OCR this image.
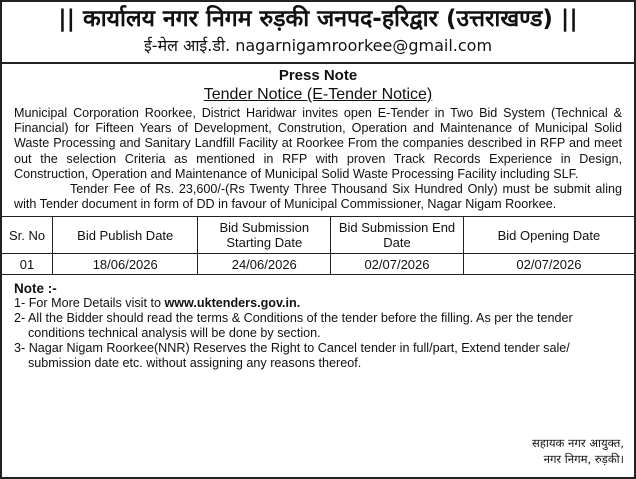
|| कार्यालय नगर निगम रुड़की जनपद-हरिद्वार (उत्तराखण्ड) ||
ई-मेल आई.डी. nagarnigamroorkee@gmail.com
Press Note
Tender Notice (E-Tender Notice)
Municipal Corporation Roorkee, District Haridwar invites open E-Tender in Two Bid System (Technical & Financial) for Fifteen Years of Development, Constrution, Operation and Maintenance of Municipal Solid Waste Processing and Sanitary Landfill Facility at Roorkee From the companies described in RFP and meet out the selection Criteria as mentioned in RFP with proven Track Records Experience in Design, Construction, Operation and Maintenance of Municipal Solid Waste Processing Facility including SLF.
Tender Fee of Rs. 23,600/-(Rs Twenty Three Thousand Six Hundred Only) must be submit aling with Tender document in form of DD in favour of Municipal Commissioner, Nagar Nigam Roorkee.
Sr. No	Bid Publish Date	Bid Submission Starting Date	Bid Submission End Date	Bid Opening Date
01	18/06/2026	24/06/2026	02/07/2026	02/07/2026
Note :-
1- For More Details visit to www.uktenders.gov.in.
2- All the Bidder should read the terms & Conditions of the tender before the filling. As per the tender conditions technical analysis will be done by section.
3- Nagar Nigam Roorkee(NNR) Reserves the Right to Cancel tender in full/part, Extend tender sale/ submission date etc. without assigning any reasons thereof.
सहायक नगर आयुक्त,
नगर निगम, रुड़की।
